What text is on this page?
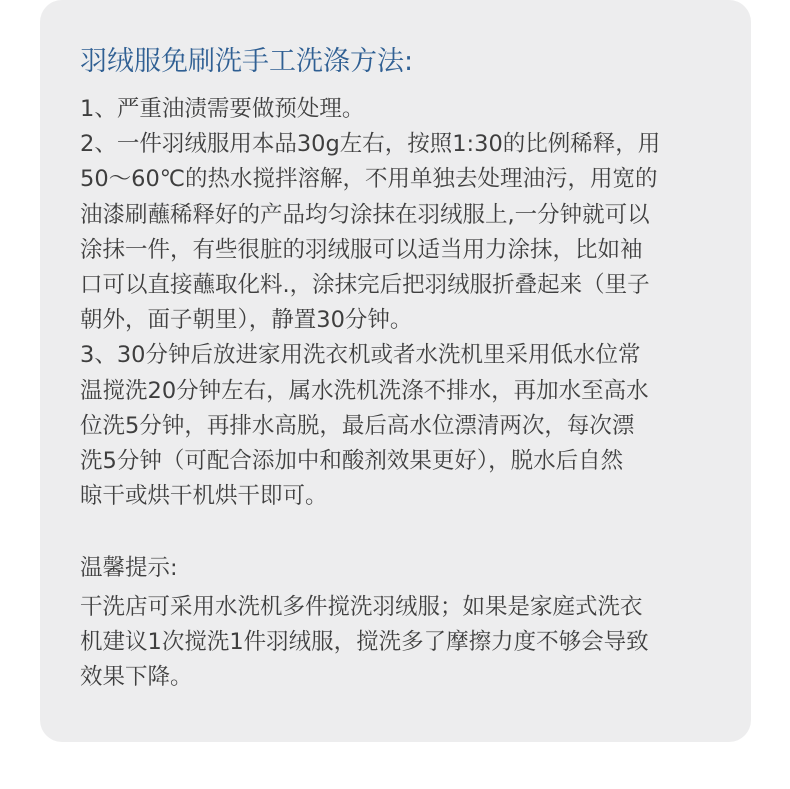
羽绒服免刷洗手工洗涤方法:
1、严重油渍需要做预处理。
2、一件羽绒服用本品30g左右，按照1:30的比例稀释，用
50～60℃的热水搅拌溶解，不用单独去处理油污，用宽的
油漆刷蘸稀释好的产品均匀涂抹在羽绒服上,一分钟就可以
涂抹一件，有些很脏的羽绒服可以适当用力涂抹，比如袖
口可以直接蘸取化料.，涂抹完后把羽绒服折叠起来（里子
朝外，面子朝里），静置30分钟。
3、30分钟后放进家用洗衣机或者水洗机里采用低水位常
温搅洗20分钟左右，属水洗机洗涤不排水，再加水至高水
位洗5分钟，再排水高脱，最后高水位漂清两次，每次漂
洗5分钟（可配合添加中和酸剂效果更好），脱水后自然
晾干或烘干机烘干即可。
温馨提示:
干洗店可采用水洗机多件搅洗羽绒服；如果是家庭式洗衣
机建议1次搅洗1件羽绒服，搅洗多了摩擦力度不够会导致
效果下降。
